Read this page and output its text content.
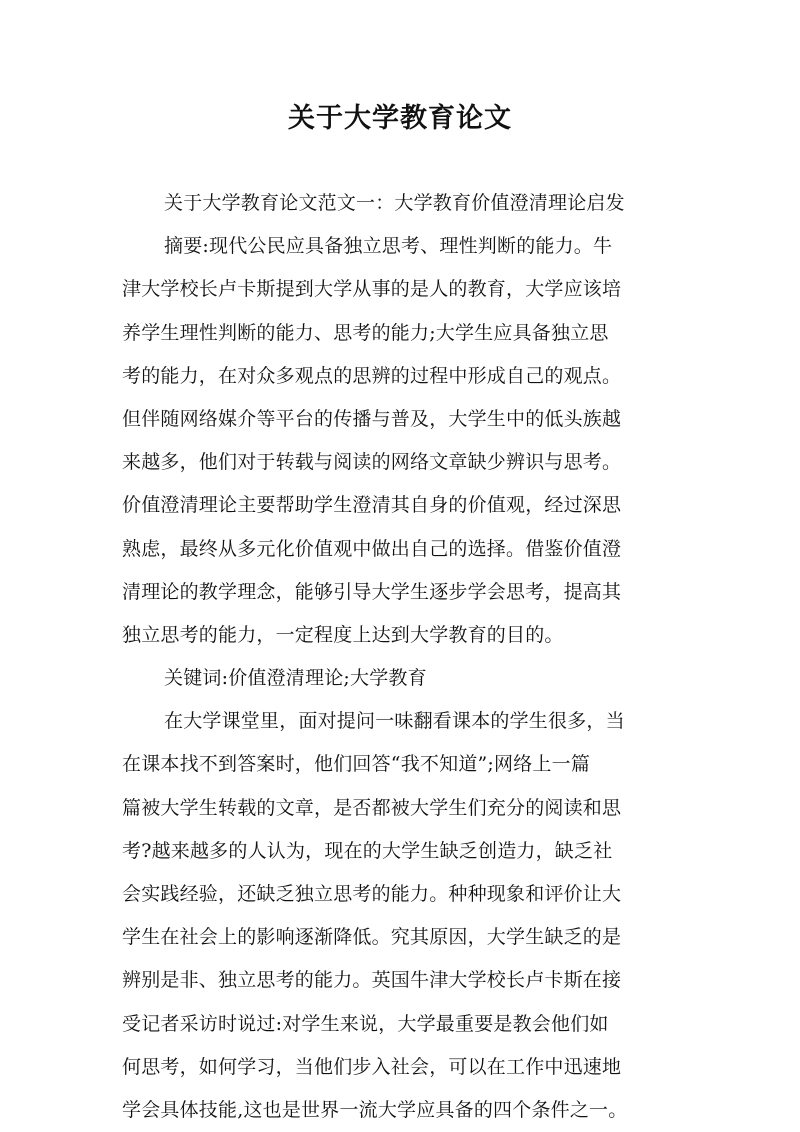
关于大学教育论文
关于大学教育论文范文一：大学教育价值澄清理论启发
摘要:现代公民应具备独立思考、理性判断的能力。牛
津大学校长卢卡斯提到大学从事的是人的教育，大学应该培
养学生理性判断的能力、思考的能力;大学生应具备独立思
考的能力，在对众多观点的思辨的过程中形成自己的观点。
但伴随网络媒介等平台的传播与普及，大学生中的低头族越
来越多，他们对于转载与阅读的网络文章缺少辨识与思考。
价值澄清理论主要帮助学生澄清其自身的价值观，经过深思
熟虑，最终从多元化价值观中做出自己的选择。借鉴价值澄
清理论的教学理念，能够引导大学生逐步学会思考，提高其
独立思考的能力，一定程度上达到大学教育的目的。
关键词:价值澄清理论;大学教育
在大学课堂里，面对提问一味翻看课本的学生很多，当
在课本找不到答案时，他们回答“我不知道”;网络上一篇
篇被大学生转载的文章，是否都被大学生们充分的阅读和思
考?越来越多的人认为，现在的大学生缺乏创造力，缺乏社
会实践经验，还缺乏独立思考的能力。种种现象和评价让大
学生在社会上的影响逐渐降低。究其原因，大学生缺乏的是
辨别是非、独立思考的能力。英国牛津大学校长卢卡斯在接
受记者采访时说过:对学生来说，大学最重要是教会他们如
何思考，如何学习，当他们步入社会，可以在工作中迅速地
学会具体技能,这也是世界一流大学应具备的四个条件之一。
